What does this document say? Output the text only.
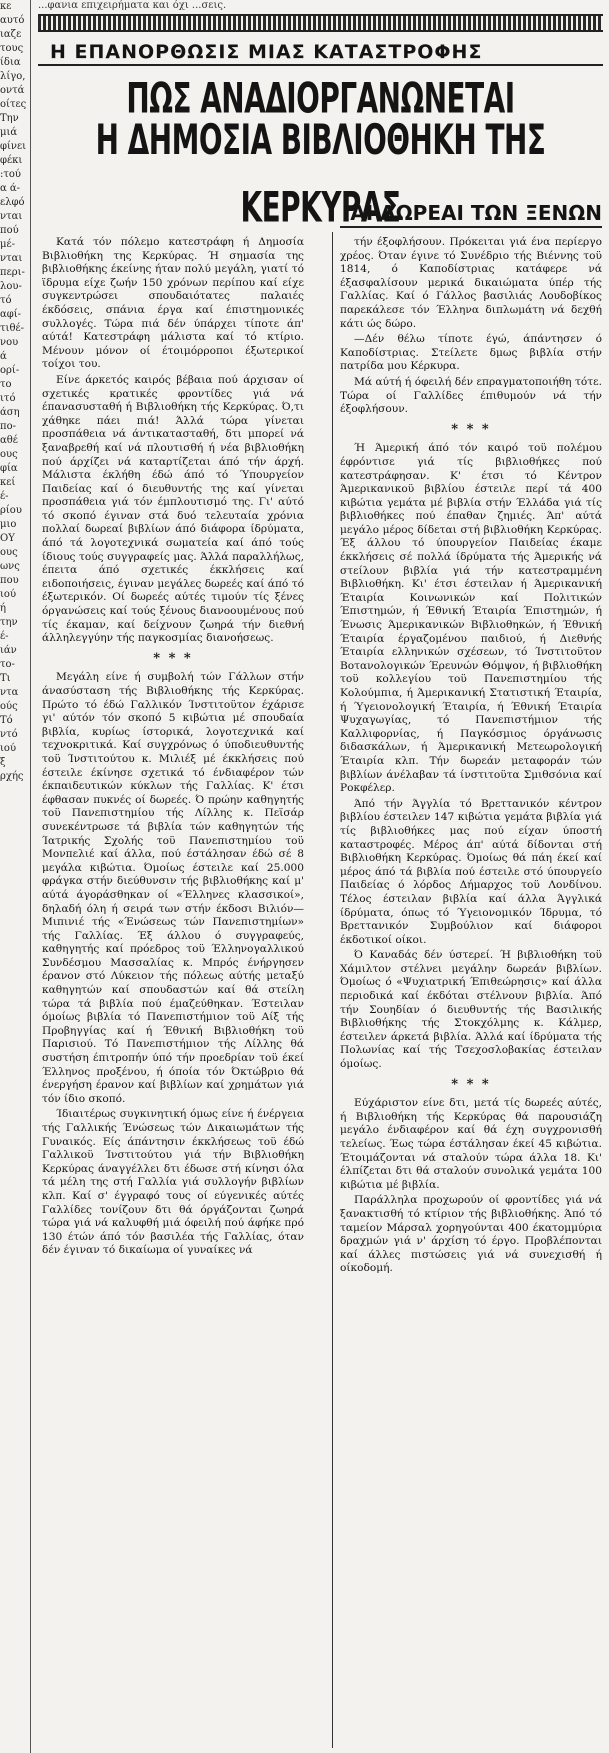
κε
αυτό
ιαζε
τους
ίδια
λίγο,
οντά
οίτες
Την
μιά
φίνει
φέκι
:τού
α ά-
ελφό
νται
πού
μέ-
νται
περι-
λου-
τό
αφί-
τιθέ-
νου
ά
ορί-
το
ιτό
άση
πο-
αθέ
ους
φία
κεί
έ-
ρίου
μιο
ΟΥ
ους
ωνς
που
ιού
ή
την
έ-
ιάν
το-
Τι
ντα
ούς
Τό
ντό
ιού
ξ
ρχής
...φανια επιχειρήματα και όχι ...σεις.
Η ΕΠΑΝΟΡΘΩΣΙΣ ΜΙΑΣ ΚΑΤΑΣΤΡΟΦΗΣ
ΠΩΣ ΑΝΑΔΙΟΡΓΑΝΩΝΕΤΑΙ
Η ΔΗΜΟΣΙΑ ΒΙΒΛΙΟΘΗΚΗ ΤΗΣ ΚΕΡΚΥΡΑΣ
ΑΙ ΔΩΡΕΑΙ ΤΩΝ ΞΕΝΩΝ

Κατά τόν πόλεμο κατεστράφη ή Δημοσία Βιβλιοθήκη της Κερκύρας. Ή σημασία της βιβλιοθήκης έκείνης ήταν πολύ μεγάλη, γιατί τό ϊδρυμα είχε ζωήν 150 χρόνων περίπου καί είχε συγκεντρώσει σπουδαιότατες παλαιές έκδόσεις, σπάνια έργα καί έπιστημονικές συλλογές. Τώρα πιά δέν ύπάρχει τίποτε άπ' αύτά! Κατεστράφη μάλιστα καί τό κτίριο. Μένουν μόνον οί έτοιμόρροποι έξωτερικοί τοίχοι του.

Είνε άρκετός καιρός βέβαια πού άρχισαν οί σχετικές κρατικές φροντίδες γιά νά έπανασυσταθή ή Βιβλιοθήκη τής Κερκύρας. Ό,τι χάθηκε πάει πιά! Άλλά τώρα γίνεται προσπάθεια νά άντικατασταθή, δτι μπορεί νά ξαναβρεθή καί νά πλουτισθή ή νέα βιβλιοθήκη πού άρχίζει νά καταρτίζεται άπό τήν άρχή. Μάλιστα έκλήθη έδώ άπό τό Ύπουργείον Παιδείας καί ό διευθυντής της καί γίνεται προσπάθεια γιά τόν έμπλουτισμό της. Γι' αύτό τό σκοπό έγιναν στά δυό τελευταία χρόνια πολλαί δωρεαί βιβλίων άπό διάφορα ίδρύματα, άπό τά λογοτεχνικά σωματεία καί άπό τούς ίδιους τούς συγγραφείς μας. Άλλά παραλλήλως, έπειτα άπό σχετικές έκκλήσεις καί ειδοποιήσεις, έγιναν μεγάλες δωρεές καί άπό τό έξωτερικόν. Οί δωρεές αύτές τιμούν τίς ξένες όργανώσεις καί τούς ξένους διανοουμένους πού τίς έκαμαν, καί δείχνουν ζωηρά τήν διεθνή άλληλεγγύην τής παγκοσμίας διανοήσεως.

* * *

Μεγάλη είνε ή συμβολή τών Γάλλων στήν άνασύσταση τής Βιβλιοθήκης τής Κερκύρας. Πρώτο τό έδώ Γαλλικόν Ίνστιτοϋτον έχάρισε γι' αύτόν τόν σκοπό 5 κιβώτια μέ σπουδαία βιβλία, κυρίως ίστορικά, λογοτεχνικά καί τεχνοκριτικά. Καί συγχρόνως ό ύποδιευθυντής τοϋ Ίνστιτούτου κ. Μιλιέξ μέ έκκλήσεις πού έστειλε έκίνησε σχετικά τό ένδιαφέρον τών έκπαιδευτικών κύκλων τής Γαλλίας. Κ' έτσι έφθασαν πυκνές οί δωρεές. Ό πρώην καθηγητής τοϋ Πανεπιστημίου τής Λίλλης κ. Πεϊσάρ συνεκέντρωσε τά βιβλία τών καθηγητών τής Ίατρικής Σχολής τοϋ Πανεπιστημίου τοϋ Μονπελιέ καί άλλα, πού έστάλησαν έδώ σέ 8 μεγάλα κιβώτια. Όμοίως έστειλε καί 25.000 φράγκα στήν διεύθυνσιν τής βιβλιοθήκης καί μ' αύτά άγοράσθηκαν οί «Έλληνες κλασσικοί», δηλαδή όλη ή σειρά των στήν έκδοσι Βιλιόν—Μιπινιέ τής «Ένώσεως τών Πανεπιστημίων» τής Γαλλίας. Έξ άλλου ό συγγραφεύς, καθηγητής καί πρόεδρος τοϋ Έλληνογαλλικού Συνδέσμου Μασσαλίας κ. Μπρός ένήργησεν έρανον στό Λύκειον τής πόλεως αύτής μεταξύ καθηγητών καί σπουδαστών καί θά στείλη τώρα τά βιβλία πού έμαζεύθηκαν. Έστειλαν όμοίως βιβλία τό Πανεπιστήμιον τοϋ Αίξ τής Προβηγγίας καί ή Έθνική Βιβλιοθήκη τοϋ Παρισιού. Τό Πανεπιστήμιον τής Λίλλης θά συστήση έπιτροπήν ύπό τήν προεδρίαν τοϋ έκεί Έλληνος προξένου, ή όποία τόν Όκτώβριο θά ένεργήση έρανον καί βιβλίων καί χρημάτων γιά τόν ίδιο σκοπό.

Ίδιαιτέρως συγκινητική όμως είνε ή ένέργεια τής Γαλλικής Ένώσεως τών Δικαιωμάτων τής Γυναικός. Είς άπάντησιν έκκλήσεως τοϋ έδώ Γαλλικοϋ Ίνστιτούτου γιά τήν Βιβλιοθήκη Κερκύρας άναγγέλλει δτι έδωσε στή κίνησι όλα τά μέλη της στή Γαλλία γιά συλλογήν βιβλίων κλπ. Καί σ' έγγραφό τους οί εύγενικές αύτές Γαλλίδες τονίζουν δτι θά όργάζονται ζωηρά τώρα γιά νά καλυφθή μιά όφειλή πού άφήκε πρό 130 έτών άπό τόν βασιλέα τής Γαλλίας, όταν δέν έγιναν τό δικαίωμα οί γυναίκες νά

τήν έξοφλήσουν. Πρόκειται γιά ένα περίεργο χρέος. Όταν έγινε τό Συνέδριο τής Βιέννης τοϋ 1814, ό Καποδίστριας κατάφερε νά έξασφαλίσουν μερικά δικαιώματα ύπέρ τής Γαλλίας. Καί ό Γάλλος βασιλιάς Λουδοβίκος παρεκάλεσε τόν Έλληνα διπλωμάτη νά δεχθή κάτι ώς δώρο.

—Δέν θέλω τίποτε έγώ, άπάντησεν ό Καποδίστριας. Στείλετε δμως βιβλία στήν πατρίδα μου Κέρκυρα.

Μά αύτή ή όφειλή δέν επραγματοποιήθη τότε. Τώρα οί Γαλλίδες έπιθυμούν νά τήν έξοφλήσουν.

* * *

Ή Άμερική άπό τόν καιρό τοϋ πολέμου έφρόντισε γιά τίς βιβλιοθήκες πού κατεστράφησαν. Κ' έτσι τό Κέντρον Άμερικανικοϋ βιβλίου έστειλε περί τά 400 κιβώτια γεμάτα μέ βιβλία στήν Έλλάδα γιά τίς βιβλιοθήκες πού έπαθαν ζημιές. Άπ' αύτά μεγάλο μέρος δίδεται στή βιβλιοθήκη Κερκύρας. Έξ άλλου τό ύπουργείον Παιδείας έκαμε έκκλήσεις σέ πολλά ίδρύματα τής Άμερικής νά στείλουν βιβλία γιά τήν κατεστραμμένη Βιβλιοθήκη. Κι' έτσι έστειλαν ή Άμερικανική Έταιρία Κοινωνικών καί Πολιτικών Έπιστημών, ή Έθνική Έταιρία Έπιστημών, ή Ένωσις Άμερικανικών Βιβλιοθηκών, ή Έθνική Έταιρία έργαζομένου παιδιού, ή Διεθνής Έταιρία ελληνικών σχέσεων, τό Ίνστιτοϋτον Βοτανολογικών Έρευνών Θόμψον, ή βιβλιοθήκη τοϋ κολλεγίου τοϋ Πανεπιστημίου τής Κολούμπια, ή Άμερικανική Στατιστική Έταιρία, ή Ύγειονολογική Έταιρία, ή Έθνική Έταιρία Ψυχαγωγίας, τό Πανεπιστήμιον τής Καλλιφορνίας, ή Παγκόσμιος όργάνωσις διδασκάλων, ή Άμερικανική Μετεωρολογική Έταιρία κλπ. Τήν δωρεάν μεταφοράν τών βιβλίων άνέλαβαν τά ίνστιτοϋτα Σμιθσόνια καί Ροκφέλερ.

Άπό τήν Άγγλία τό Βρεττανικόν κέντρον βιβλίου έστειλεν 147 κιβώτια γεμάτα βιβλία γιά τίς βιβλιοθήκες μας πού είχαν ύποστή καταστροφές. Μέρος άπ' αύτά δίδονται στή Βιβλιοθήκη Κερκύρας. Όμοίως θά πάη έκεί καί μέρος άπό τά βιβλία πού έστειλε στό ύπουργείο Παιδείας ό λόρδος Δήμαρχος τοϋ Λονδίνου. Τέλος έστειλαν βιβλία καί άλλα Άγγλικά ίδρύματα, όπως τό Ύγειονομικόν Ίδρυμα, τό Βρεττανικόν Συμβούλιον καί διάφοροι έκδοτικοί οίκοι.

Ό Καναδάς δέν ύστερεί. Ή βιβλιοθήκη τοϋ Χάμιλτον στέλνει μεγάλην δωρεάν βιβλίων. Όμοίως ό «Ψυχιατρική Έπιθεώρησις» καί άλλα περιοδικά καί έκδόται στέλνουν βιβλία. Άπό τήν Σουηδίαν ό διευθυντής τής Βασιλικής Βιβλιοθήκης τής Στοκχόλμης κ. Κάλμερ, έστειλεν άρκετά βιβλία. Άλλά καί ίδρύματα τής Πολωνίας καί τής Τσεχοσλοβακίας έστειλαν όμοίως.

* * *

Εύχάριστον είνε δτι, μετά τίς δωρεές αύτές, ή Βιβλιοθήκη τής Κερκύρας θά παρουσιάζη μεγάλο ένδιαφέρον καί θά έχη συγχρονισθή τελείως. Έως τώρα έστάλησαν έκεί 45 κιβώτια. Έτοιμάζονται νά σταλούν τώρα άλλα 18. Κι' έλπίζεται δτι θά σταλούν συνολικά γεμάτα 100 κιβώτια μέ βιβλία.

Παράλληλα προχωρούν οί φροντίδες γιά νά ξανακτισθή τό κτίριον τής βιβλιοθήκης. Άπό τό ταμείον Μάρσαλ χορηγούνται 400 έκατομμύρια δραχμών γιά ν' άρχίση τό έργο. Προβλέπονται καί άλλες πιστώσεις γιά νά συνεχισθή ή οίκοδομή.
